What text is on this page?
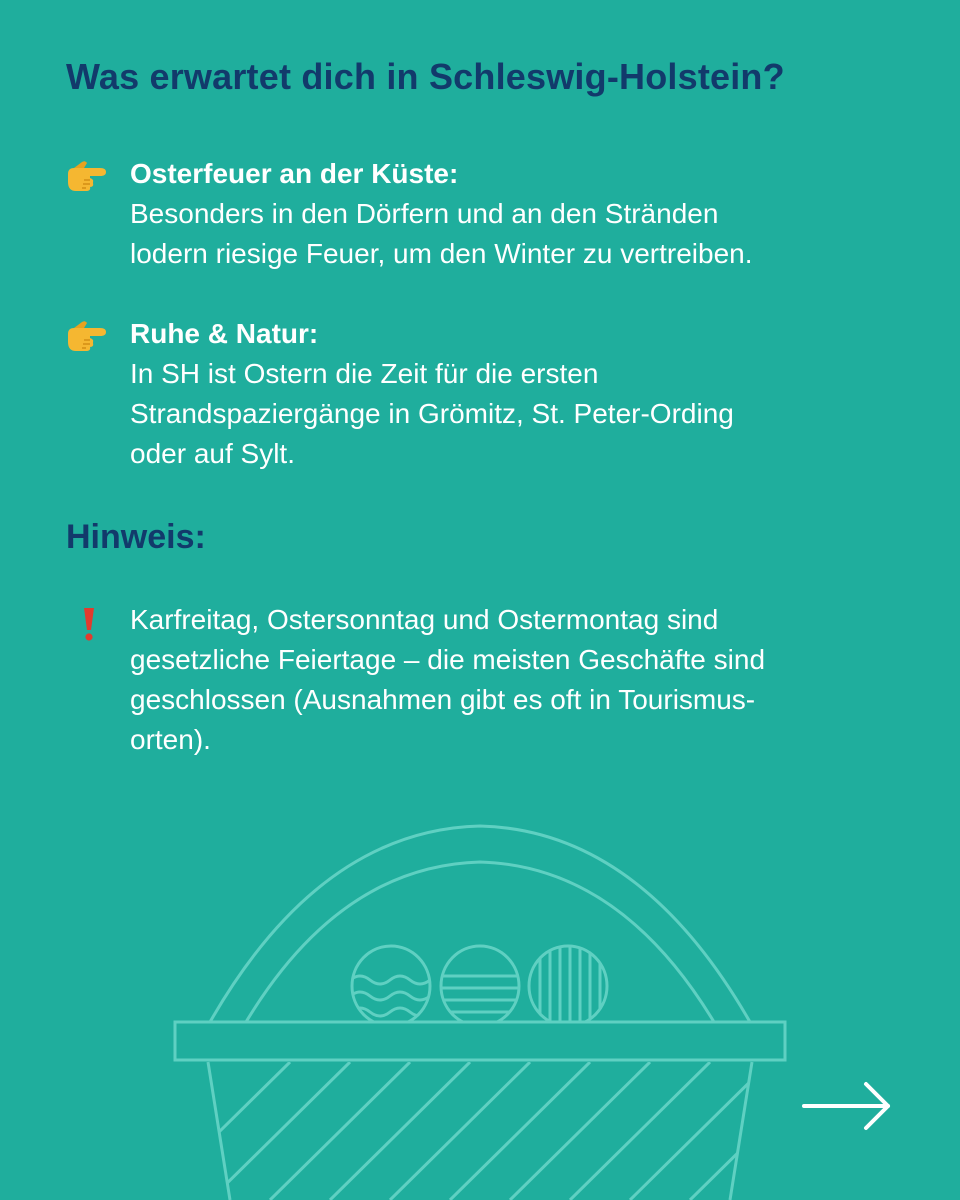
Was erwartet dich in Schleswig-Holstein?
Osterfeuer an der Küste:
Besonders in den Dörfern und an den Stränden
lodern riesige Feuer, um den Winter zu vertreiben.
Ruhe & Natur:
In SH ist Ostern die Zeit für die ersten
Strandspaziergänge in Grömitz, St. Peter-Ording
oder auf Sylt.
Hinweis:
Karfreitag, Ostersonntag und Ostermontag sind
gesetzliche Feiertage – die meisten Geschäfte sind
geschlossen (Ausnahmen gibt es oft in Tourismus-
orten).
